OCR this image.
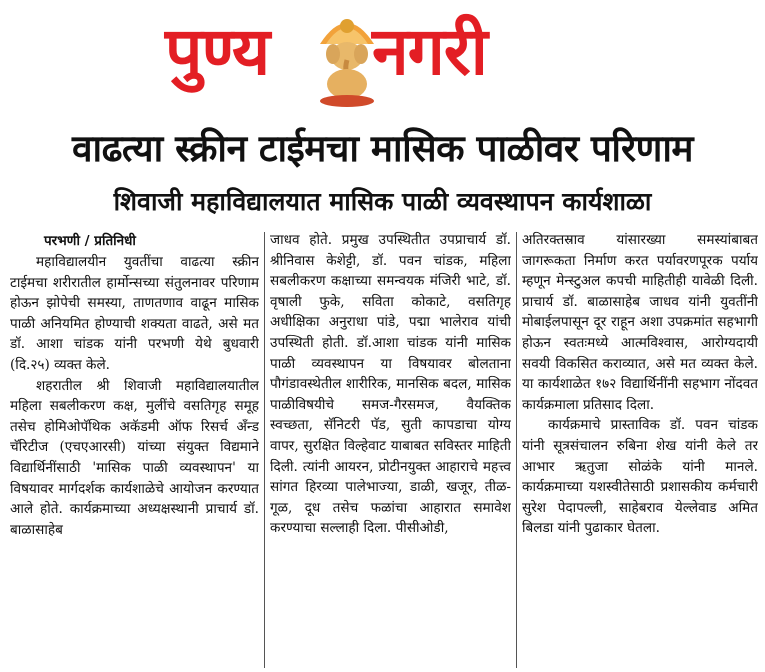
पुण्य नगरी
वाढत्या स्क्रीन टाईमचा मासिक पाळीवर परिणाम
शिवाजी महाविद्यालयात मासिक पाळी व्यवस्थापन कार्यशाळा

परभणी / प्रतिनिधी

महाविद्यालयीन युवतींचा वाढत्या स्क्रीन टाईमचा शरीरातील हार्मोन्सच्या संतुलनावर परिणाम होऊन झोपेची समस्या, ताणतणाव वाढून मासिक पाळी अनियमित होण्याची शक्यता वाढते, असे मत डॉ. आशा चांडक यांनी परभणी येथे बुधवारी (दि.२५) व्यक्त केले.

शहरातील श्री शिवाजी महाविद्यालयातील महिला सबलीकरण कक्ष, मुलींचे वसतिगृह समूह तसेच होमिओपॅथिक अकॅडमी ऑफ रिसर्च अँन्ड चॅरिटीज (एचएआरसी) यांच्या संयुक्त विद्यमाने विद्यार्थिनींसाठी 'मासिक पाळी व्यवस्थापन' या विषयावर मार्गदर्शक कार्यशाळेचे आयोजन करण्यात आले होते. कार्यक्रमाच्या अध्यक्षस्थानी प्राचार्य डॉ. बाळासाहेब

जाधव होते. प्रमुख उपस्थितीत उपप्राचार्य डॉ. श्रीनिवास केशेट्टी, डॉ. पवन चांडक, महिला सबलीकरण कक्षाच्या समन्वयक मंजिरी भाटे, डॉ. वृषाली फुके, सविता कोकाटे, वसतिगृह अधीक्षिका अनुराधा पांडे, पद्मा भालेराव यांची उपस्थिती होती. डॉ.आशा चांडक यांनी मासिक पाळी व्यवस्थापन या विषयावर बोलताना पौगंडावस्थेतील शारीरिक, मानसिक बदल, मासिक पाळीविषयीचे समज-गैरसमज, वैयक्तिक स्वच्छता, सॅनिटरी पॅड, सुती कापडाचा योग्य वापर, सुरक्षित विल्हेवाट याबाबत सविस्तर माहिती दिली. त्यांनी आयरन, प्रोटीनयुक्त आहाराचे महत्त्व सांगत हिरव्या पालेभाज्या, डाळी, खजूर, तीळ-गूळ, दूध तसेच फळांचा आहारात समावेश करण्याचा सल्लाही दिला. पीसीओडी,

अतिरक्तस्राव यांसारख्या समस्यांबाबत जागरूकता निर्माण करत पर्यावरणपूरक पर्याय म्हणून मेन्स्टुअल कपची माहितीही यावेळी दिली. प्राचार्य डॉ. बाळासाहेब जाधव यांनी युवतींनी मोबाईलपासून दूर राहून अशा उपक्रमांत सहभागी होऊन स्वतःमध्ये आत्मविश्वास, आरोग्यदायी सवयी विकसित कराव्यात, असे मत व्यक्त केले. या कार्यशाळेत १७२ विद्यार्थिनींनी सहभाग नोंदवत कार्यक्रमाला प्रतिसाद दिला.

कार्यक्रमाचे प्रास्ताविक डॉ. पवन चांडक यांनी सूत्रसंचालन रुबिना शेख यांनी केले तर आभार ऋतुजा सोळंके यांनी मानले. कार्यक्रमाच्या यशस्वीतेसाठी प्रशासकीय कर्मचारी सुरेश पेदापल्ली, साहेबराव येल्लेवाड अमित बिलडा यांनी पुढाकार घेतला.
